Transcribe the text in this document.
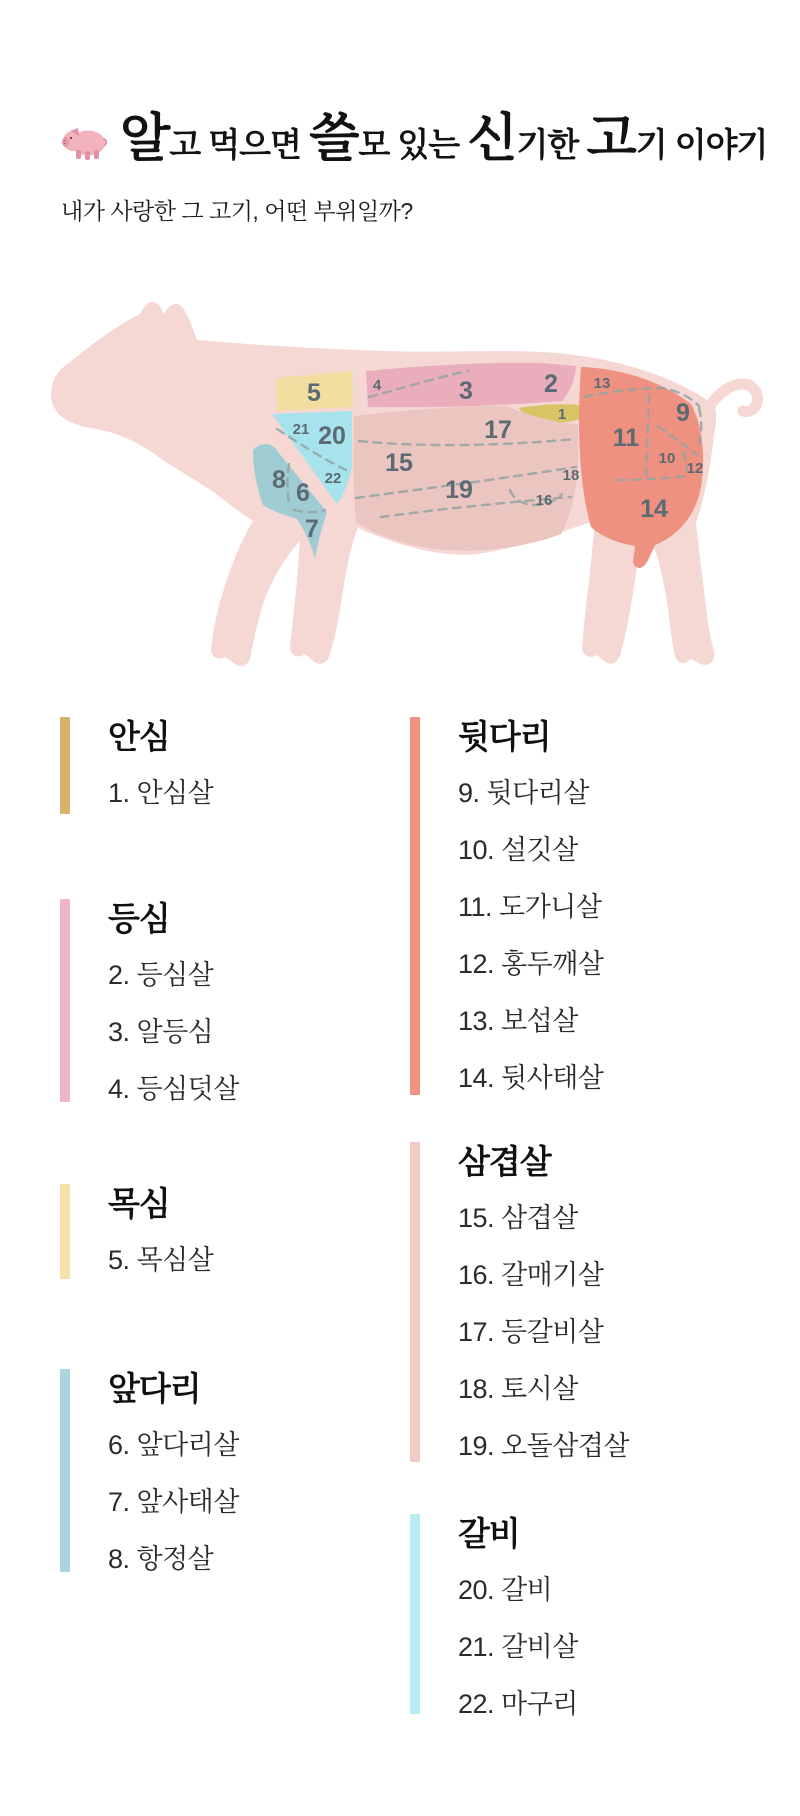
알고 먹으면 쓸모 있는 신기한 고기 이야기
내가 사랑한 그 고기, 어떤 부위일까?
1
2
3
4
5
6
7
8
9
10
11
12
13
14
15
16
17
18
19
20
21
22
안심
1. 안심살
등심
2. 등심살
3. 알등심
4. 등심덧살
목심
5. 목심살
앞다리
6. 앞다리살
7. 앞사태살
8. 항정살
뒷다리
9. 뒷다리살
10. 설깃살
11. 도가니살
12. 홍두깨살
13. 보섭살
14. 뒷사태살
삼겹살
15. 삼겹살
16. 갈매기살
17. 등갈비살
18. 토시살
19. 오돌삼겹살
갈비
20. 갈비
21. 갈비살
22. 마구리
